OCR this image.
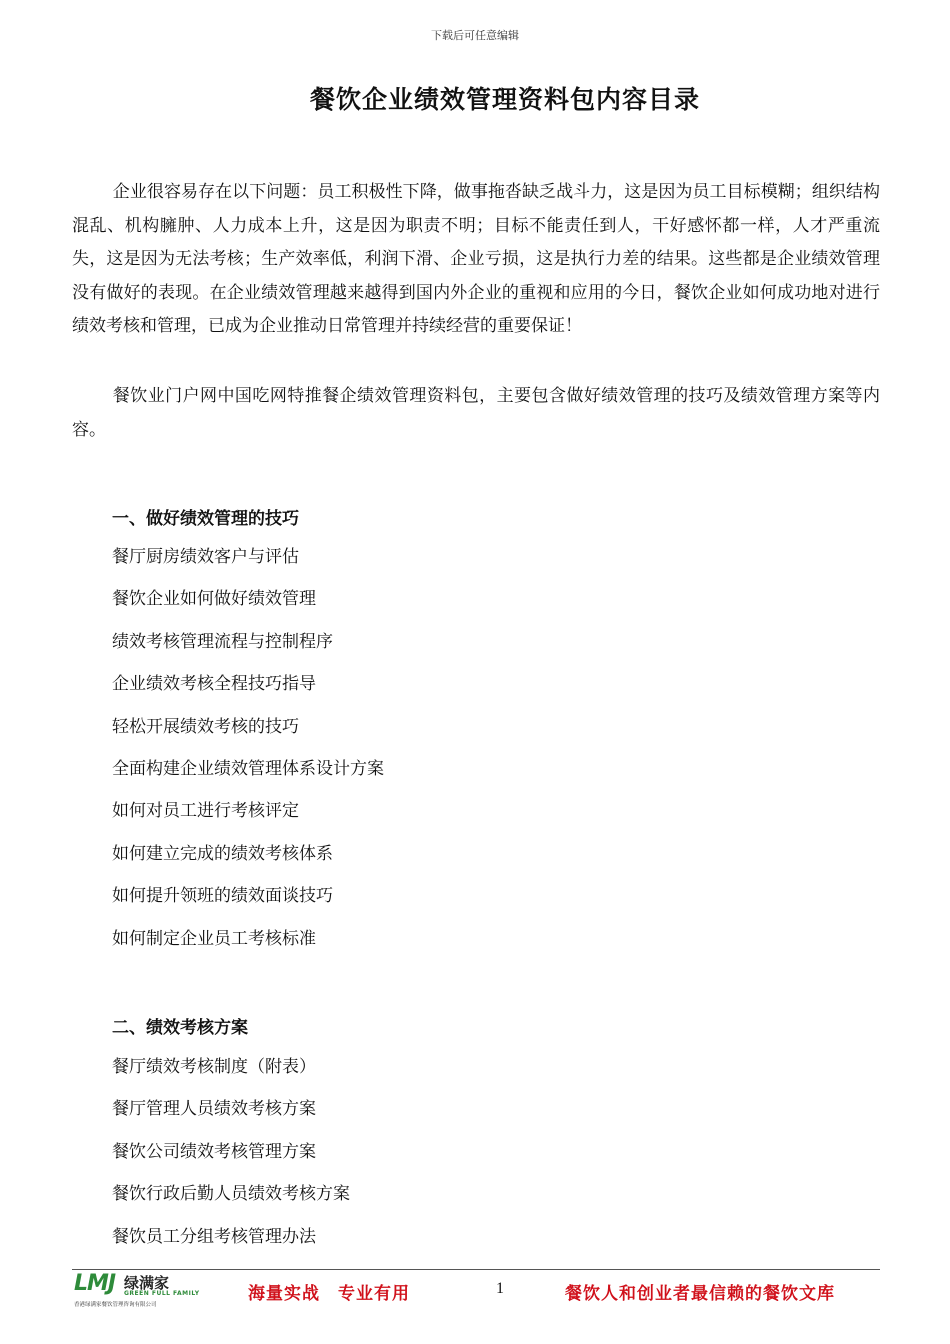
下载后可任意编辑
餐饮企业绩效管理资料包内容目录

企业很容易存在以下问题：员工积极性下降，做事拖沓缺乏战斗力，这是因为员工目标模糊；组织结构混乱、机构臃肿、人力成本上升，这是因为职责不明；目标不能责任到人，干好感怀都一样，人才严重流失，这是因为无法考核；生产效率低，利润下滑、企业亏损，这是执行力差的结果。这些都是企业绩效管理没有做好的表现。在企业绩效管理越来越得到国内外企业的重视和应用的今日，餐饮企业如何成功地对进行绩效考核和管理，已成为企业推动日常管理并持续经营的重要保证！

餐饮业门户网中国吃网特推餐企绩效管理资料包，主要包含做好绩效管理的技巧及绩效管理方案等内容。

一、做好绩效管理的技巧
餐厅厨房绩效客户与评估
餐饮企业如何做好绩效管理
绩效考核管理流程与控制程序
企业绩效考核全程技巧指导
轻松开展绩效考核的技巧
全面构建企业绩效管理体系设计方案
如何对员工进行考核评定
如何建立完成的绩效考核体系
如何提升领班的绩效面谈技巧
如何制定企业员工考核标准
二、绩效考核方案
餐厅绩效考核制度（附表）
餐厅管理人员绩效考核方案
餐饮公司绩效考核管理方案
餐饮行政后勤人员绩效考核方案
餐饮员工分组考核管理办法
LMJ 绿满家
GREEN FULL FAMILY
香港绿满家餐饮管理咨询有限公司
海量实战　专业有用	1	餐饮人和创业者最信赖的餐饮文库
